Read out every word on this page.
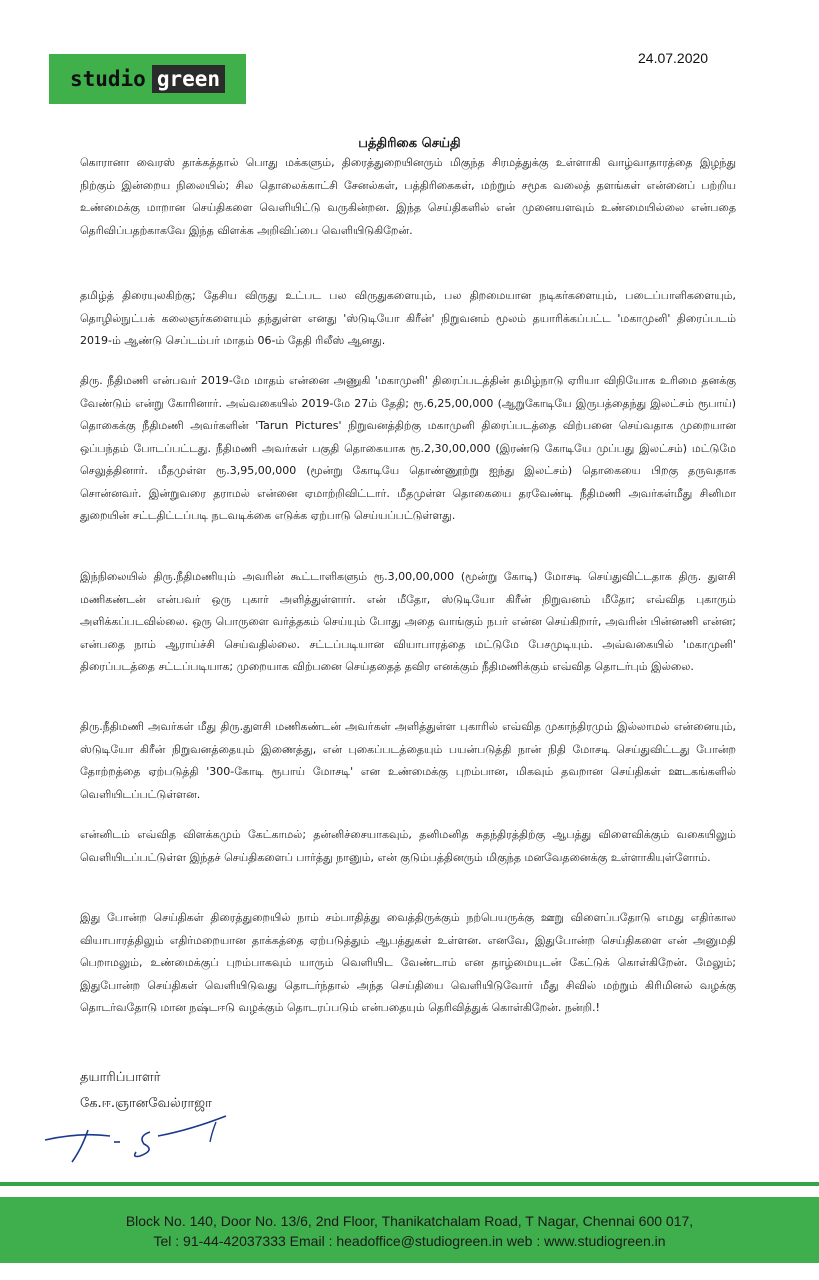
studio green
24.07.2020
பத்திரிகை செய்தி

கொரானா வைரஸ் தாக்கத்தால் பொது மக்களும், திரைத்துறையினரும் மிகுந்த சிரமத்துக்கு உள்ளாகி வாழ்வாதாரத்தை இழந்து நிற்கும் இன்றைய நிலையில்; சில தொலைக்காட்சி சேனல்கள், பத்திரிகைகள், மற்றும் சமூக வலைத் தளங்கள் என்னைப் பற்றிய உண்மைக்கு மாறான செய்திகளை வெளியிட்டு வருகின்றன. இந்த செய்திகளில் என் முனையளவும் உண்மையில்லை என்பதை தெரிவிப்பதற்காகவே இந்த விளக்க அறிவிப்பை வெளியிடுகிறேன்.

தமிழ்த் திரையுலகிற்கு; தேசிய விருது உட்பட பல விருதுகளையும், பல திறமையான நடிகர்களையும், படைப்பாளிகளையும், தொழில்நுட்பக் கலைஞர்களையும் தந்துள்ள எனது 'ஸ்டுடியோ கிரீன்' நிறுவனம் மூலம் தயாரிக்கப்பட்ட 'மகாமுனி' திரைப்படம் 2019-ம் ஆண்டு செப்டம்பர் மாதம் 06-ம் தேதி ரிலீஸ் ஆனது.

திரு. நீதிமணி என்பவர் 2019-மே மாதம் என்னை அணுகி 'மகாமுனி' திரைப்படத்தின் தமிழ்நாடு ஏரியா விநியோக உரிமை தனக்கு வேண்டும் என்று கோரினார். அவ்வகையில் 2019-மே 27ம் தேதி; ரூ.6,25,00,000 (ஆறுகோடியே இருபத்தைந்து இலட்சம் ரூபாய்) தொகைக்கு நீதிமணி அவர்களின் 'Tarun Pictures' நிறுவனத்திற்கு மகாமுனி திரைப்படத்தை விற்பனை செய்வதாக முறையான ஒப்பந்தம் போடப்பட்டது. நீதிமணி அவர்கள் பகுதி தொகையாக ரூ.2,30,00,000 (இரண்டு கோடியே முப்பது இலட்சம்) மட்டுமே செலுத்தினார். மீதமுள்ள ரூ.3,95,00,000 (மூன்று கோடியே தொண்ணூற்று ஐந்து இலட்சம்) தொகையை பிறகு தருவதாக சொன்னவர். இன்றுவரை தராமல் என்னை ஏமாற்றிவிட்டார். மீதமுள்ள தொகையை தரவேண்டி நீதிமணி அவர்கள்மீது சினிமா துறையின் சட்டதிட்டப்படி நடவடிக்கை எடுக்க ஏற்பாடு செய்யப்பட்டுள்ளது.

இந்நிலையில் திரு.நீதிமணியும் அவரின் கூட்டாளிகளும் ரூ.3,00,00,000 (மூன்று கோடி) மோசடி செய்துவிட்டதாக திரு. துளசி மணிகண்டன் என்பவர் ஒரு புகார் அளித்துள்ளார். என் மீதோ, ஸ்டுடியோ கிரீன் நிறுவனம் மீதோ; எவ்வித புகாரும் அளிக்கப்படவில்லை. ஒரு பொருளை வர்த்தகம் செய்யும் போது அதை வாங்கும் நபர் என்ன செய்கிறார், அவரின் பின்னணி என்ன; என்பதை நாம் ஆராய்ச்சி செய்வதில்லை. சட்டப்படியான வியாபாரத்தை மட்டுமே பேசமுடியும். அவ்வகையில் 'மகாமுனி' திரைப்படத்தை சட்டப்படியாக; முறையாக விற்பனை செய்ததைத் தவிர எனக்கும் நீதிமணிக்கும் எவ்வித தொடர்பும் இல்லை.

திரு.நீதிமணி அவர்கள் மீது திரு.துளசி மணிகண்டன் அவர்கள் அளித்துள்ள புகாரில் எவ்வித முகாந்திரமும் இல்லாமல் என்னையும், ஸ்டுடியோ கிரீன் நிறுவனத்தையும் இணைத்து, என் புகைப்படத்தையும் பயன்படுத்தி நான் நிதி மோசடி செய்துவிட்டது போன்ற தோற்றத்தை ஏற்படுத்தி '300-கோடி ரூபாய் மோசடி' என உண்மைக்கு புறம்பான, மிகவும் தவறான செய்திகள் ஊடகங்களில் வெளியிடப்பட்டுள்ளன.

என்னிடம் எவ்வித விளக்கமும் கேட்காமல்; தன்னிச்சையாகவும், தனிமனித சுதந்திரத்திற்கு ஆபத்து விளைவிக்கும் வகையிலும் வெளியிடப்பட்டுள்ள இந்தச் செய்திகளைப் பார்த்து நானும், என் குடும்பத்தினரும் மிகுந்த மனவேதனைக்கு உள்ளாகியுள்ளோம்.

இது போன்ற செய்திகள் திரைத்துறையில் நாம் சம்பாதித்து வைத்திருக்கும் நற்பெயருக்கு ஊறு விளைப்பதோடு எமது எதிர்கால வியாபாரத்திலும் எதிர்மறையான தாக்கத்தை ஏற்படுத்தும் ஆபத்துகள் உள்ளன. எனவே, இதுபோன்ற செய்திகளை என் அனுமதி பெறாமலும், உண்மைக்குப் புறம்பாகவும் யாரும் வெளியிட வேண்டாம் என தாழ்மையுடன் கேட்டுக் கொள்கிறேன். மேலும்; இதுபோன்ற செய்திகள் வெளியிடுவது தொடர்ந்தால் அந்த செய்தியை வெளியிடுவோர் மீது சிவில் மற்றும் கிரிமினல் வழக்கு தொடர்வதோடு மான நஷ்டஈடு வழக்கும் தொடரப்படும் என்பதையும் தெரிவித்துக் கொள்கிறேன். நன்றி.!

தயாரிப்பாளர்
கே.ஈ.ஞானவேல்ராஜா
Block No. 140, Door No. 13/6, 2nd Floor, Thanikatchalam Road, T Nagar, Chennai 600 017,
Tel : 91-44-42037333 Email : headoffice@studiogreen.in web : www.studiogreen.in
